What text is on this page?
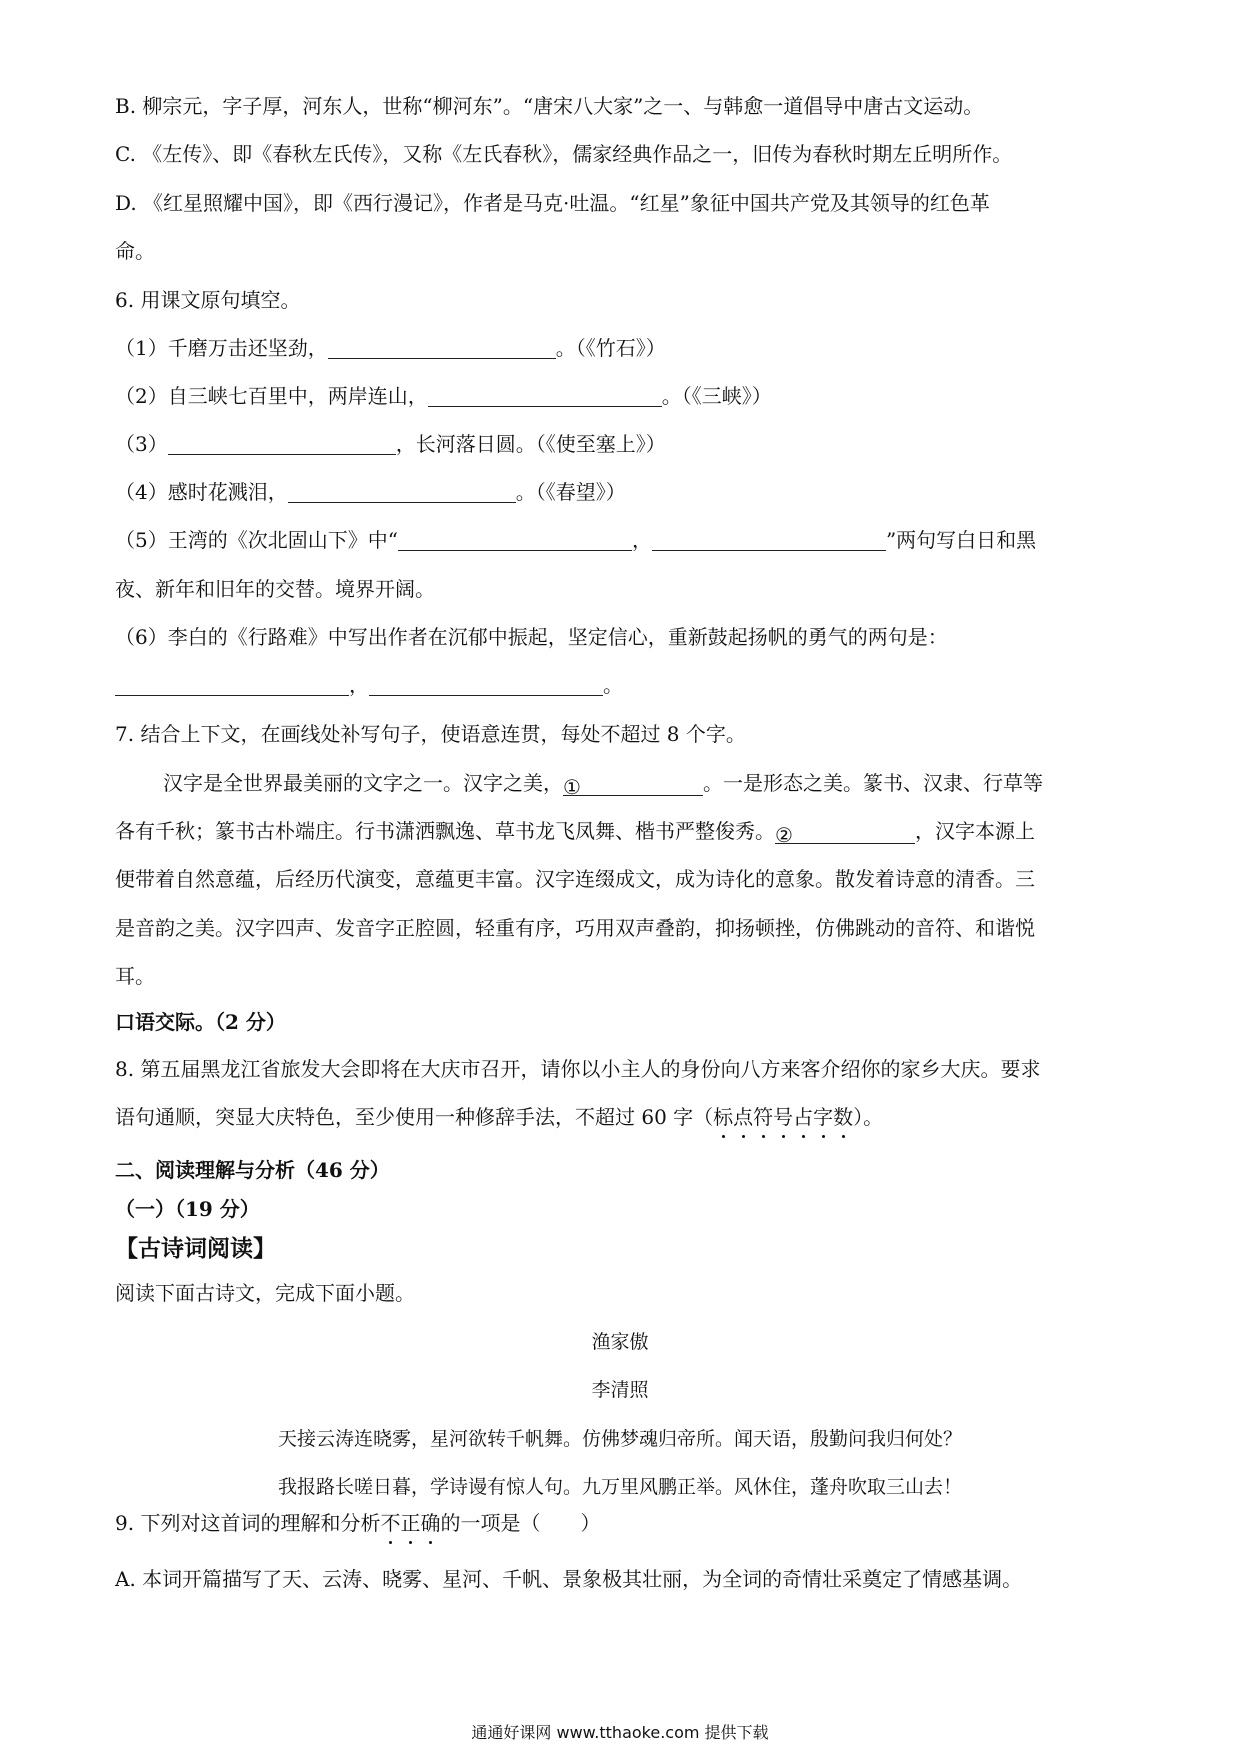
B. 柳宗元，字子厚，河东人，世称“柳河东”。“唐宋八大家”之一、与韩愈一道倡导中唐古文运动。
C. 《左传》、即《春秋左氏传》，又称《左氏春秋》，儒家经典作品之一，旧传为春秋时期左丘明所作。
D. 《红星照耀中国》，即《西行漫记》，作者是马克·吐温。“红星”象征中国共产党及其领导的红色革
命。
6. 用课文原句填空。
（1）千磨万击还坚劲，	。（《竹石》）
（2）自三峡七百里中，两岸连山，	。（《三峡》）
（3）	，长河落日圆。（《使至塞上》）
（4）感时花溅泪，	。（《春望》）
（5）王湾的《次北固山下》中“	，	”两句写白日和黑
夜、新年和旧年的交替。境界开阔。
（6）李白的《行路难》中写出作者在沉郁中振起，坚定信心，重新鼓起扬帆的勇气的两句是：
，	。
7. 结合上下文，在画线处补写句子，使语意连贯，每处不超过 8 个字。
汉字是全世界最美丽的文字之一。汉字之美，①	。一是形态之美。篆书、汉隶、行草等
各有千秋；篆书古朴端庄。行书潇洒飘逸、草书龙飞凤舞、楷书严整俊秀。②	，汉字本源上
便带着自然意蕴，后经历代演变，意蕴更丰富。汉字连缀成文，成为诗化的意象。散发着诗意的清香。三
是音韵之美。汉字四声、发音字正腔圆，轻重有序，巧用双声叠韵，抑扬顿挫，仿佛跳动的音符、和谐悦
耳。
口语交际。（2 分）
8. 第五届黑龙江省旅发大会即将在大庆市召开，请你以小主人的身份向八方来客介绍你的家乡大庆。要求
语句通顺，突显大庆特色，至少使用一种修辞手法，不超过 60 字（标点符号占字数）。
二、阅读理解与分析（46 分）
（一）（19 分）
【古诗词阅读】
阅读下面古诗文，完成下面小题。
渔家傲
李清照
天接云涛连晓雾，星河欲转千帆舞。仿佛梦魂归帝所。闻天语，殷勤问我归何处？
我报路长嗟日暮，学诗谩有惊人句。九万里风鹏正举。风休住，蓬舟吹取三山去！
9. 下列对这首词的理解和分析不正确的一项是（　　）
A. 本词开篇描写了天、云涛、晓雾、星河、千帆、景象极其壮丽，为全词的奇情壮采奠定了情感基调。
通通好课网 www.tthaoke.com 提供下载
